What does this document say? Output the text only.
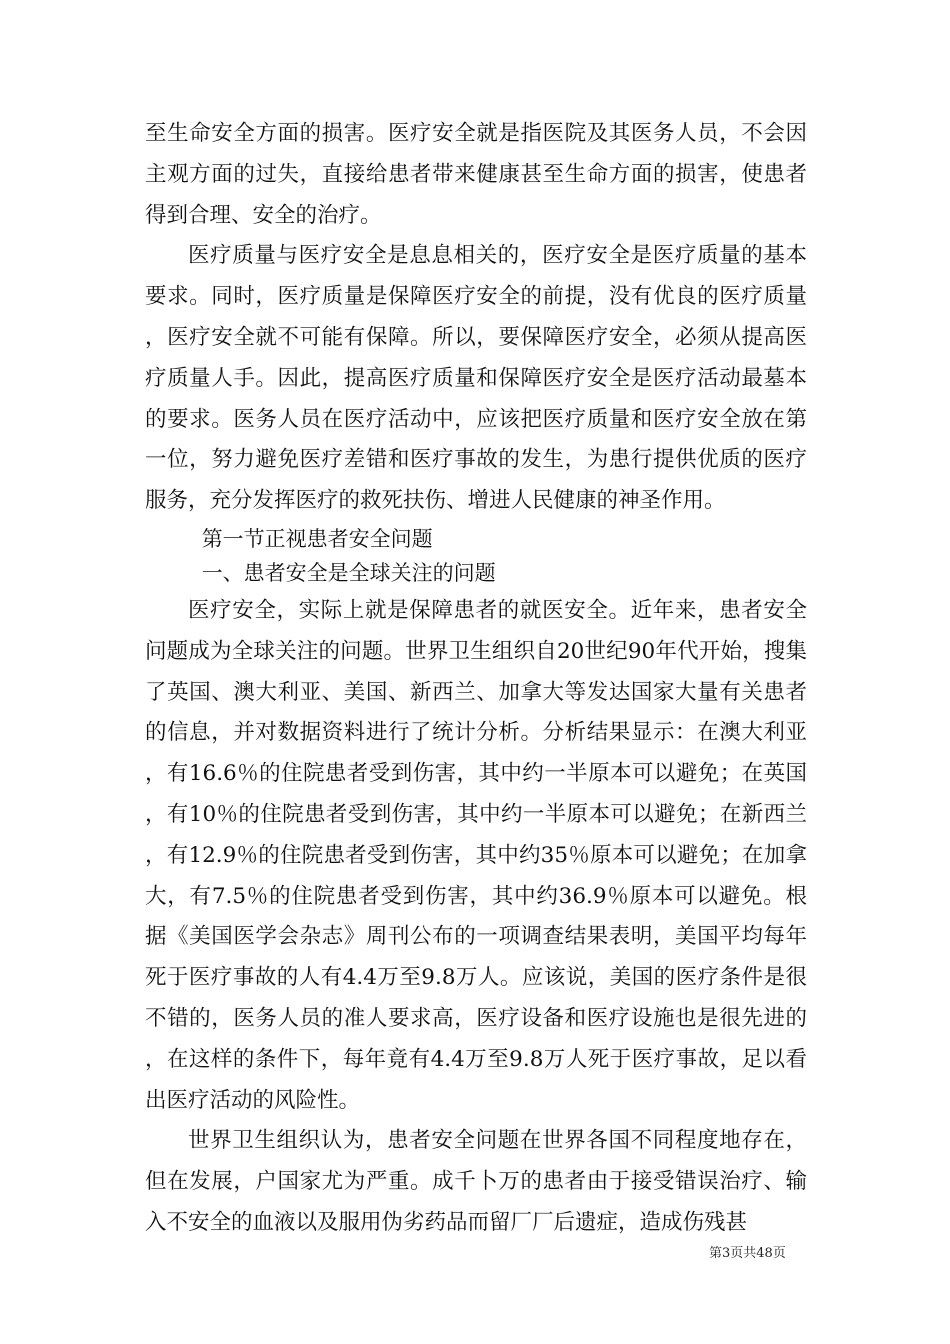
至生命安全方面的损害。医疗安全就是指医院及其医务人员，不会因主观方面的过失，直接给患者带来健康甚至生命方面的损害，使患者得到合理、安全的治疗。

医疗质量与医疗安全是息息相关的，医疗安全是医疗质量的基本要求。同时，医疗质量是保障医疗安全的前提，没有优良的医疗质量，医疗安全就不可能有保障。所以，要保障医疗安全，必须从提高医疗质量人手。因此，提高医疗质量和保障医疗安全是医疗活动最墓本的要求。医务人员在医疗活动中，应该把医疗质量和医疗安全放在第一位，努力避免医疗差错和医疗事故的发生，为患行提供优质的医疗服务，充分发挥医疗的救死扶伤、增进人民健康的神圣作用。

第一节正视患者安全问题

一、患者安全是全球关注的问题

医疗安全，实际上就是保障患者的就医安全。近年来，患者安全问题成为全球关注的问题。世界卫生组织自20世纪90年代开始，搜集了英国、澳大利亚、美国、新西兰、加拿大等发达国家大量有关患者的信息，并对数据资料进行了统计分析。分析结果显示：在澳大利亚，有16.6％的住院患者受到伤害，其中约一半原本可以避免；在英国，有10％的住院患者受到伤害，其中约一半原本可以避免；在新西兰，有12.9％的住院患者受到伤害，其中约35％原本可以避免；在加拿大，有7.5％的住院患者受到伤害，其中约36.9％原本可以避免。根据《美国医学会杂志》周刊公布的一项调查结果表明，美国平均每年死于医疗事故的人有4.4万至9.8万人。应该说，美国的医疗条件是很不错的，医务人员的准人要求高，医疗设备和医疗设施也是很先进的，在这样的条件下，每年竟有4.4万至9.8万人死于医疗事故，足以看出医疗活动的风险性。

世界卫生组织认为，患者安全问题在世界各国不同程度地存在，但在发展，户国家尤为严重。成千卜万的患者由于接受错误治疗、输入不安全的血液以及服用伪劣药品而留厂厂后遗症，造成伤残甚

第3页共48页
